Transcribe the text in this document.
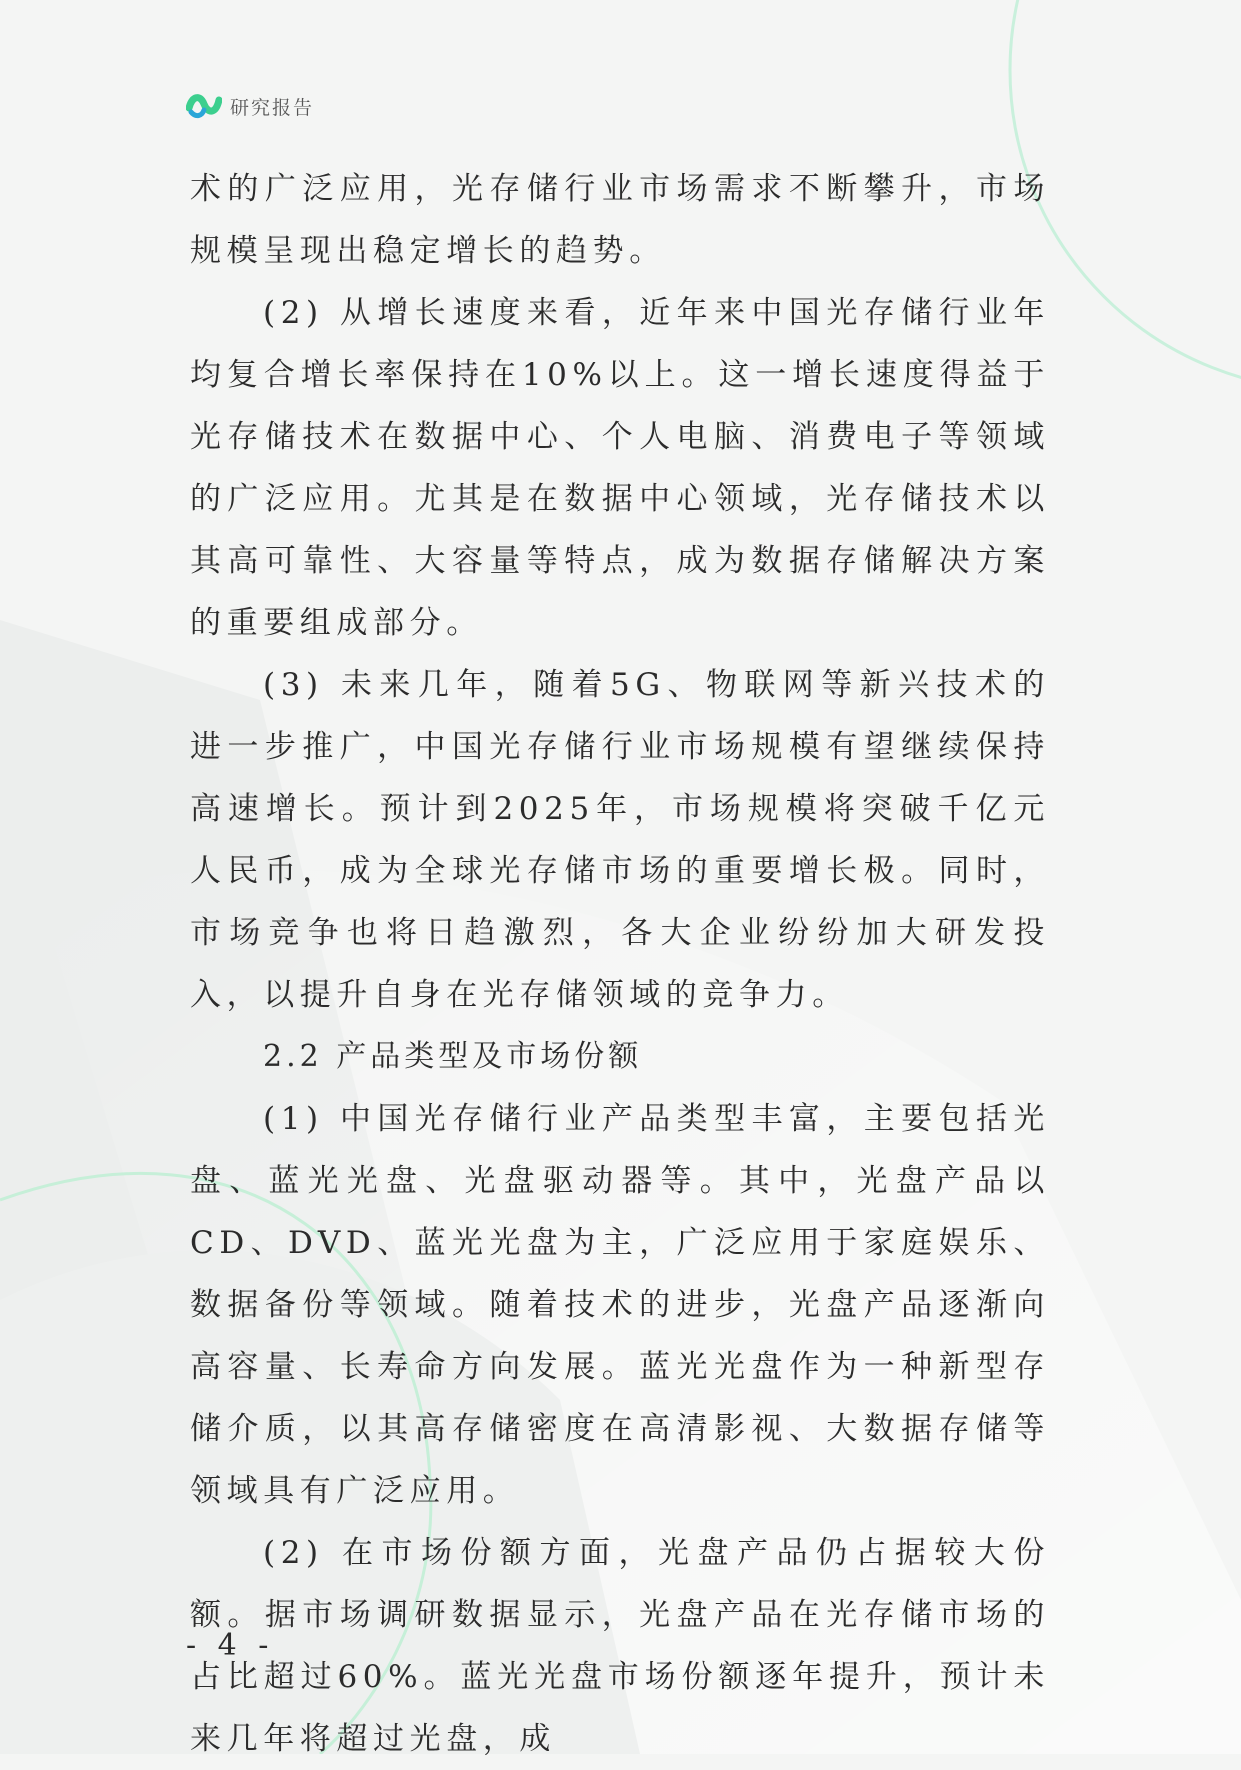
研究报告

术的广泛应用，光存储行业市场需求不断攀升，市场规模呈现出稳定增长的趋势。

(2) 从增长速度来看，近年来中国光存储行业年均复合增长率保持在10%以上。这一增长速度得益于光存储技术在数据中心、个人电脑、消费电子等领域的广泛应用。尤其是在数据中心领域，光存储技术以其高可靠性、大容量等特点，成为数据存储解决方案的重要组成部分。

(3) 未来几年，随着5G、物联网等新兴技术的进一步推广，中国光存储行业市场规模有望继续保持高速增长。预计到2025年，市场规模将突破千亿元人民币，成为全球光存储市场的重要增长极。同时，市场竞争也将日趋激烈，各大企业纷纷加大研发投入，以提升自身在光存储领域的竞争力。

2.2 产品类型及市场份额

(1) 中国光存储行业产品类型丰富，主要包括光盘、蓝光光盘、光盘驱动器等。其中，光盘产品以CD、DVD、蓝光光盘为主，广泛应用于家庭娱乐、数据备份等领域。随着技术的进步，光盘产品逐渐向高容量、长寿命方向发展。蓝光光盘作为一种新型存储介质，以其高存储密度在高清影视、大数据存储等领域具有广泛应用。

(2) 在市场份额方面，光盘产品仍占据较大份额。据市场调研数据显示，光盘产品在光存储市场的占比超过60%。蓝光光盘市场份额逐年提升，预计未来几年将超过光盘，成

- 4 -
